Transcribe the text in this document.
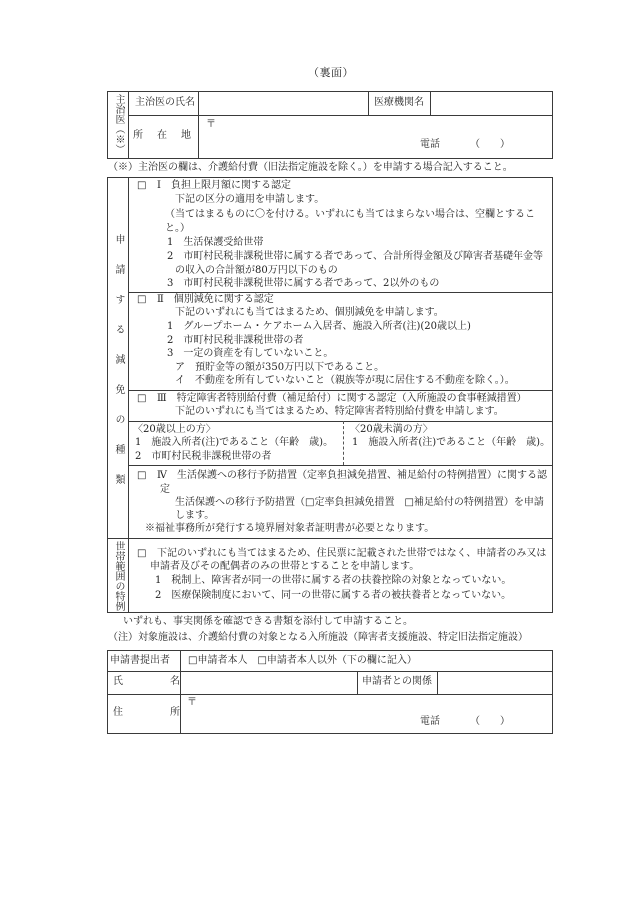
（裏面）
主治医（※） 主治医の氏名	医療機関名
所　在　地
〒
電話	（　　）
（※）主治医の欄は、介護給付費（旧法指定施設を除く。）を申請する場合記入すること。
申請する減免の種類
□ Ⅰ　負担上限月額に関する認定
下記の区分の適用を申請します。
（当てはまるものに〇を付ける。いずれにも当てはまらない場合は、空欄とするこ
と。）
1　生活保護受給世帯
2　市町村民税非課税世帯に属する者であって、合計所得金額及び障害者基礎年金等
の収入の合計額が80万円以下のもの
3　市町村民税非課税世帯に属する者であって、2以外のもの
□ Ⅱ　個別減免に関する認定
下記のいずれにも当てはまるため、個別減免を申請します。
1　グループホーム・ケアホーム入居者、施設入所者(注)(20歳以上)
2　市町村民税非課税世帯の者
3　一定の資産を有していないこと。
ア　預貯金等の額が350万円以下であること。
イ　不動産を所有していないこと（親族等が現に居住する不動産を除く。）。
□ Ⅲ　特定障害者特別給付費（補足給付）に関する認定（入所施設の食事軽減措置）
下記のいずれにも当てはまるため、特定障害者特別給付費を申請します。
〈20歳以上の方〉
1　施設入所者(注)であること（年齢　歳)。
2　市町村民税非課税世帯の者
〈20歳未満の方〉
1　施設入所者(注)であること（年齢　歳)。
□ Ⅳ　生活保護への移行予防措置（定率負担減免措置、補足給付の特例措置）に関する認
定
生活保護への移行予防措置（□定率負担減免措置 □補足給付の特例措置）を申請
します。
※福祉事務所が発行する境界層対象者証明書が必要となります。
世帯範囲の特例 □ 下記のいずれにも当てはまるため、住民票に記載された世帯ではなく、申請者のみ又は
申請者及びその配偶者のみの世帯とすることを申請します。
1　税制上、障害者が同一の世帯に属する者の扶養控除の対象となっていない。
2　医療保険制度において、同一の世帯に属する者の被扶養者となっていない。
いずれも、事実関係を確認できる書類を添付して申請すること。
（注）対象施設は、介護給付費の対象となる入所施設（障害者支援施設、特定旧法指定施設）
申請書提出者 □申請者本人 □申請者本人以外（下の欄に記入）
氏　　名	申請者との関係
住　　所
〒
電話	（　　）
